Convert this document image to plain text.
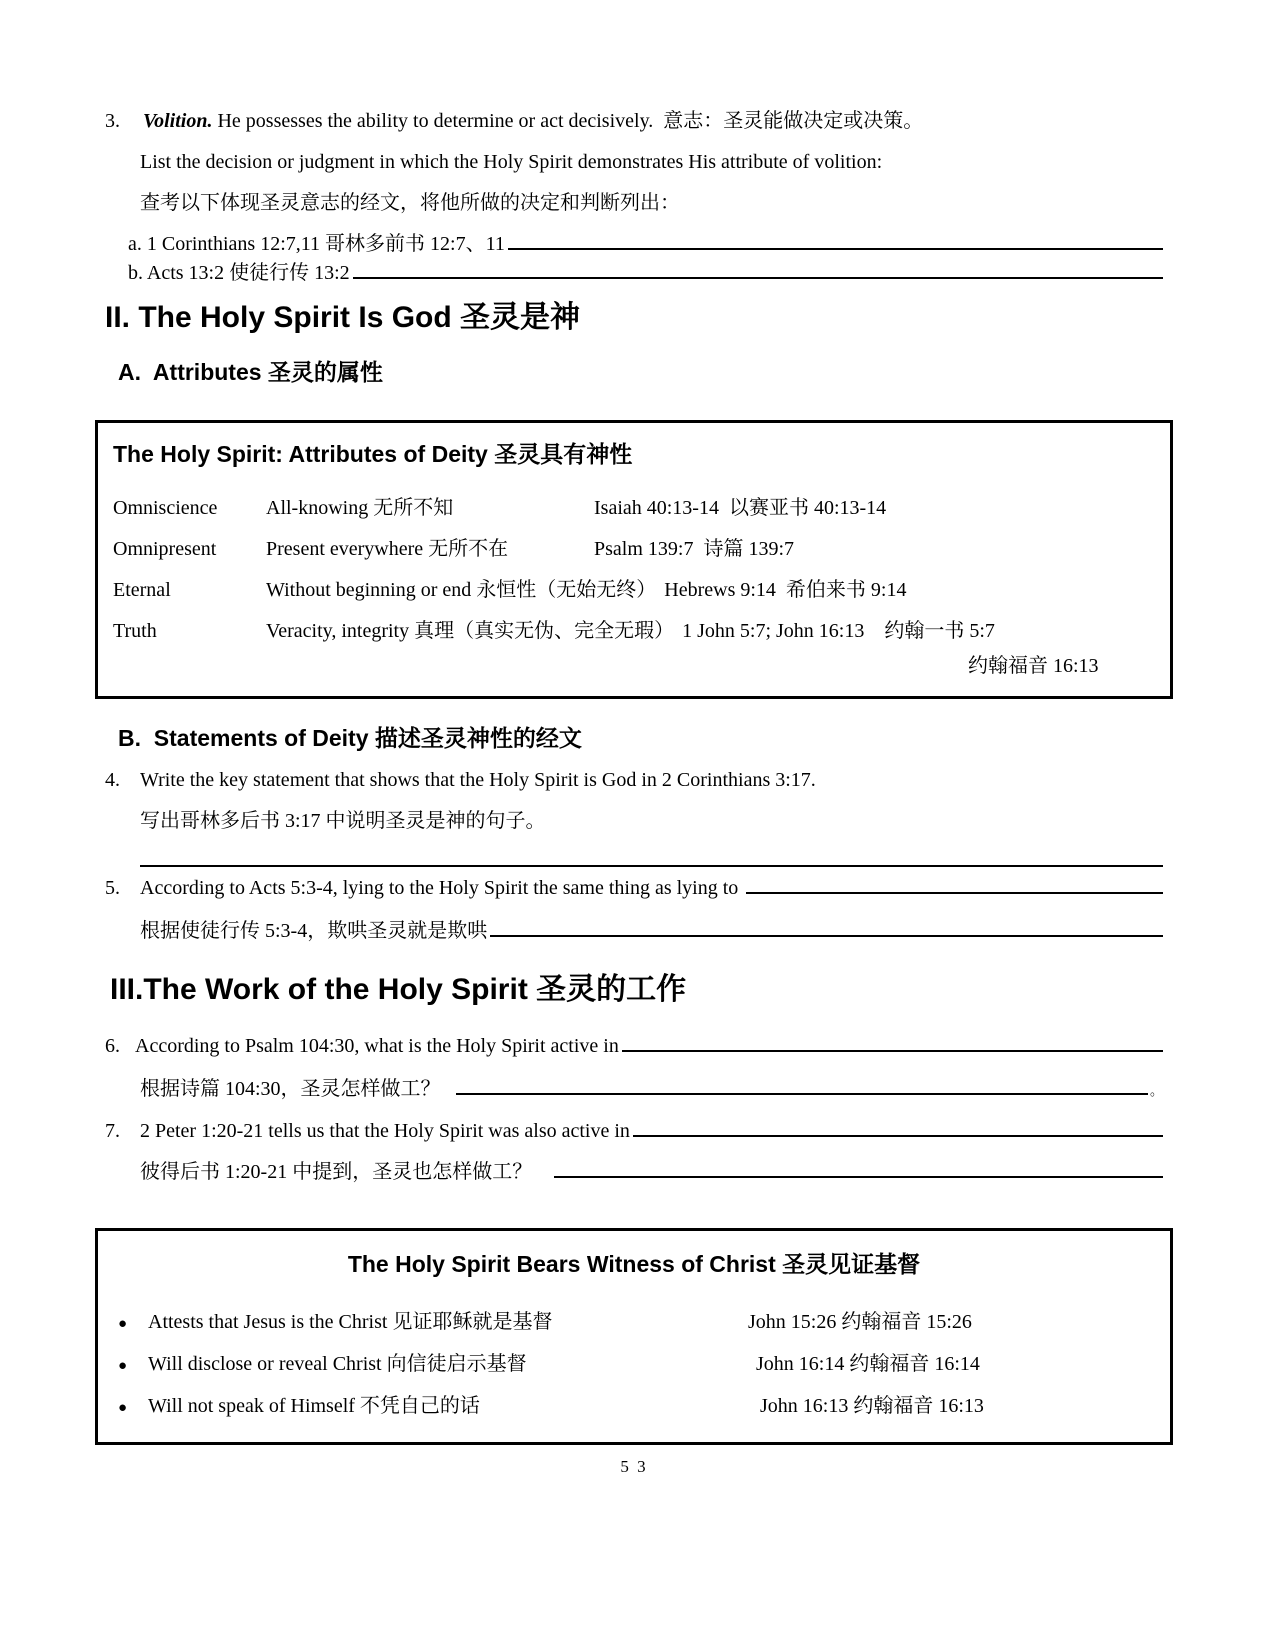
3.	Volition. He possesses the ability to determine or act decisively.  意志：圣灵能做决定或决策。
List the decision or judgment in which the Holy Spirit demonstrates His attribute of volition:
查考以下体现圣灵意志的经文，将他所做的决定和判断列出：
a. 1 Corinthians 12:7,11 哥林多前书 12:7、11
b. Acts 13:2 使徒行传 13:2
II. The Holy Spirit Is God 圣灵是神
A.  Attributes 圣灵的属性
The Holy Spirit: Attributes of Deity 圣灵具有神性
Omniscience	All-knowing 无所不知	Isaiah 40:13-14  以赛亚书 40:13-14
Omnipresent	Present everywhere 无所不在	Psalm 139:7  诗篇 139:7
Eternal	Without beginning or end 永恒性（无始无终） Hebrews 9:14  希伯来书 9:14
Truth	Veracity, integrity 真理（真实无伪、完全无瑕） 1 John 5:7; John 16:13    约翰一书 5:7
约翰福音 16:13
B.  Statements of Deity 描述圣灵神性的经文
4.	Write the key statement that shows that the Holy Spirit is God in 2 Corinthians 3:17.
写出哥林多后书 3:17 中说明圣灵是神的句子。
5.	According to Acts 5:3-4, lying to the Holy Spirit the same thing as lying to
根据使徒行传 5:3-4，欺哄圣灵就是欺哄
III.The Work of the Holy Spirit 圣灵的工作
6. According to Psalm 104:30, what is the Holy Spirit active in
根据诗篇 104:30，圣灵怎样做工？	。
7.	2 Peter 1:20-21 tells us that the Holy Spirit was also active in
彼得后书 1:20-21 中提到，圣灵也怎样做工？
The Holy Spirit Bears Witness of Christ 圣灵见证基督
●	Attests that Jesus is the Christ 见证耶稣就是基督	John 15:26 约翰福音 15:26
●	Will disclose or reveal Christ 向信徒启示基督	John 16:14 约翰福音 16:14
●	Will not speak of Himself 不凭自己的话	John 16:13 约翰福音 16:13
5 3
